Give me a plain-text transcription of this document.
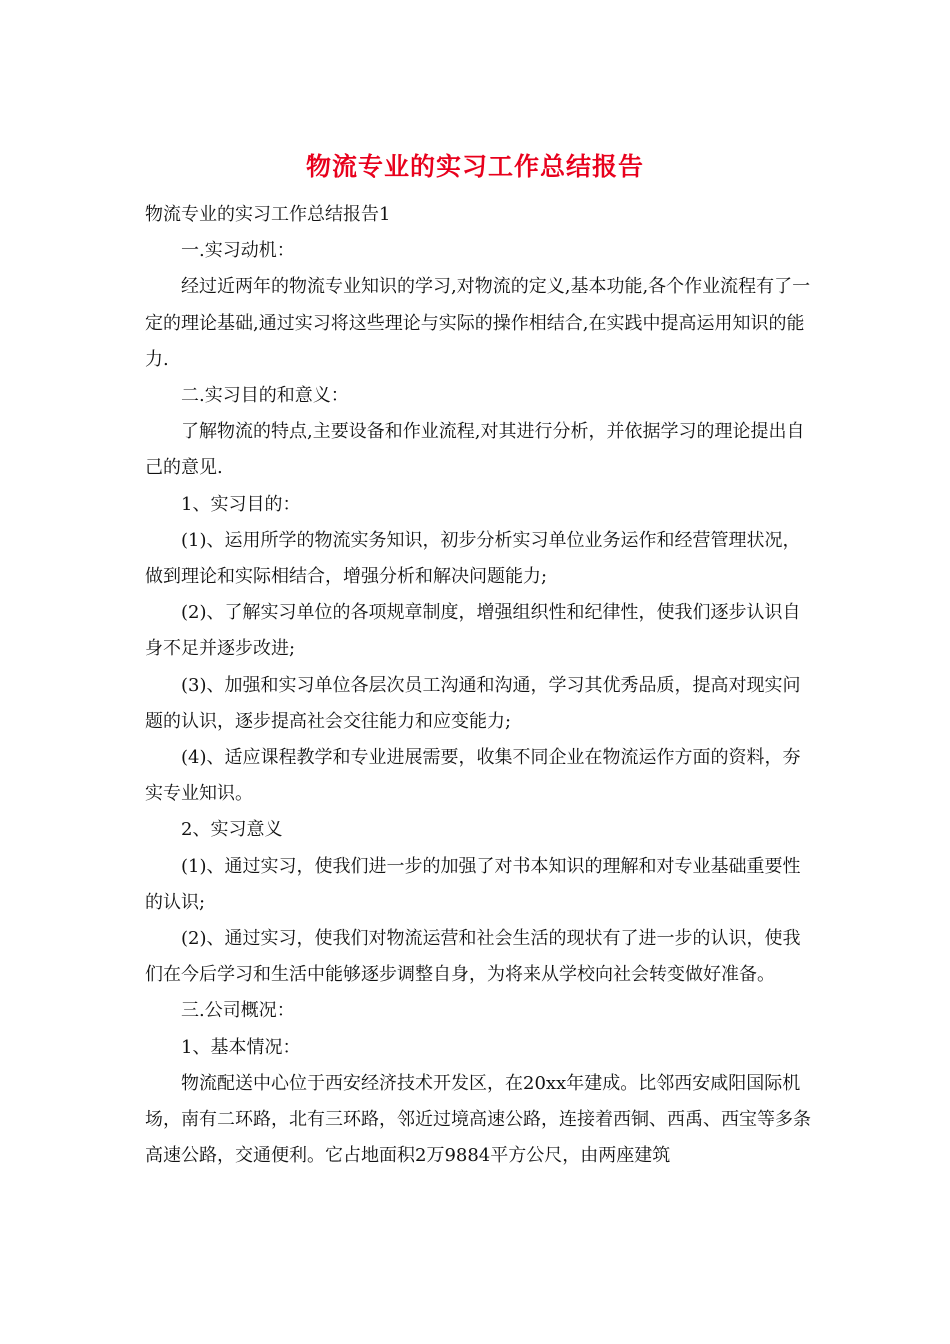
物流专业的实习工作总结报告

物流专业的实习工作总结报告1

一.实习动机：

经过近两年的物流专业知识的学习,对物流的定义,基本功能,各个作业流程有了一定的理论基础,通过实习将这些理论与实际的操作相结合,在实践中提高运用知识的能力.

二.实习目的和意义：

了解物流的特点,主要设备和作业流程,对其进行分析，并依据学习的理论提出自己的意见.

1、实习目的：

(1)、运用所学的物流实务知识，初步分析实习单位业务运作和经营管理状况，做到理论和实际相结合，增强分析和解决问题能力;

(2)、了解实习单位的各项规章制度，增强组织性和纪律性，使我们逐步认识自身不足并逐步改进;

(3)、加强和实习单位各层次员工沟通和沟通，学习其优秀品质，提高对现实问题的认识，逐步提高社会交往能力和应变能力;

(4)、适应课程教学和专业进展需要，收集不同企业在物流运作方面的资料，夯实专业知识。

2、实习意义

(1)、通过实习，使我们进一步的加强了对书本知识的理解和对专业基础重要性的认识;

(2)、通过实习，使我们对物流运营和社会生活的现状有了进一步的认识，使我们在今后学习和生活中能够逐步调整自身，为将来从学校向社会转变做好准备。

三.公司概况：

1、基本情况：

物流配送中心位于西安经济技术开发区，在20xx年建成。比邻西安咸阳国际机场，南有二环路，北有三环路，邻近过境高速公路，连接着西铜、西禹、西宝等多条高速公路，交通便利。它占地面积2万9884平方公尺，由两座建筑
